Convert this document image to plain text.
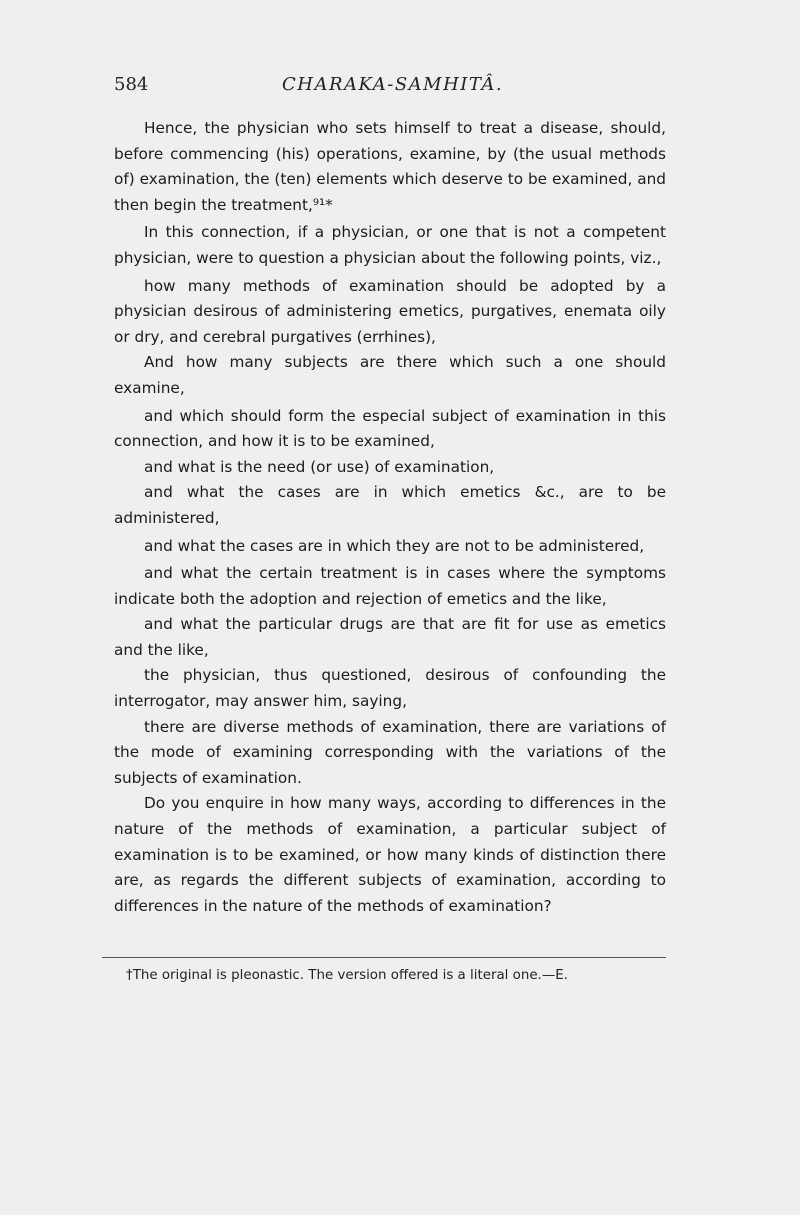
584	CHARAKA-SAMHITÂ.

Hence, the physician who sets himself to treat a disease, should, before commencing (his) operations, examine, by (the usual methods of) examination, the (ten) elements which deserve to be examined, and then begin the treatment,⁹¹*

In this connection, if a physician, or one that is not a competent physician, were to question a physician about the following points, viz.,

how many methods of examination should be adopted by a physician desirous of administering emetics, purgatives, enemata oily or dry, and cerebral purgatives (errhines),

And how many subjects are there which such a one should examine,

and which should form the especial subject of examination in this connection, and how it is to be examined,

and what is the need (or use) of examination,

and what the cases are in which emetics &c., are to be administered,

and what the cases are in which they are not to be administered,

and what the certain treatment is in cases where the symptoms indicate both the adoption and rejection of emetics and the like,

and what the particular drugs are that are fit for use as emetics and the like,

the physician, thus questioned, desirous of confounding the interrogator, may answer him, saying,

there are diverse methods of examination, there are variations of the mode of examining corresponding with the variations of the subjects of examination.

Do you enquire in how many ways, according to differences in the nature of the methods of examination, a particular subject of examination is to be examined, or how many kinds of distinction there are, as regards the different subjects of examination, according to differences in the nature of the methods of examination?

†The original is pleonastic. The version offered is a literal one.—E.
